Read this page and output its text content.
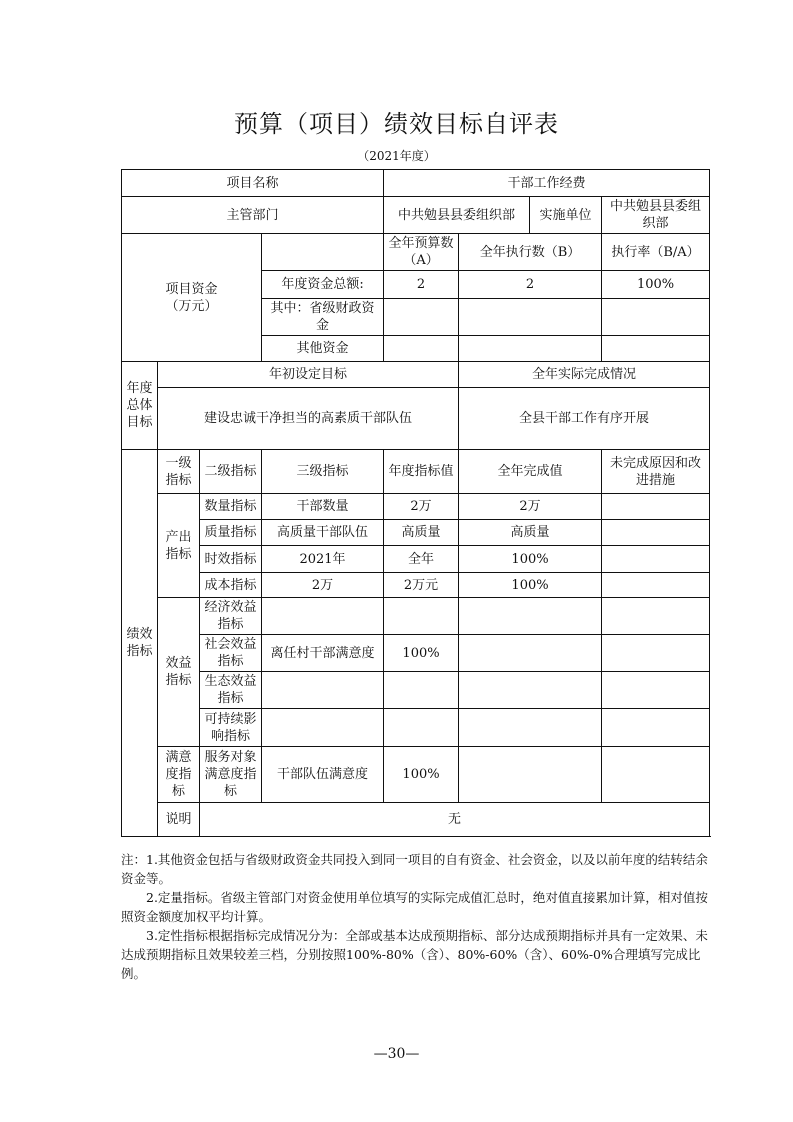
预算（项目）绩效目标自评表
（2021年度）
项目名称				干部工作经费			
主管部门				中共勉县县委组织部		实施单位	中共勉县县委组织部

项目资金
（万元）				全年预算数（A）	全年执行数（B）		执行率（B/A）
			年度资金总额:	2	2		100%
			其中：省级财政资金				
			其他资金				
年度总体目标	年初设定目标				全年实际完成情况		
	建设忠诚干净担当的高素质干部队伍				全县干部工作有序开展		
绩效指标	一级指标	二级指标	三级指标	年度指标值	全年完成值		未完成原因和改进措施
	产出指标	数量指标	干部数量	2万	2万		
		质量指标	高质量干部队伍	高质量	高质量		
		时效指标	2021年	全年	100%		
		成本指标	2万	2万元	100%		
	效益指标	经济效益指标					
		社会效益指标	离任村干部满意度	100%			
		生态效益指标					
		可持续影响指标					
	满意度指标	服务对象满意度指标	干部队伍满意度	100%			
	说明	无					

注：1.其他资金包括与省级财政资金共同投入到同一项目的自有资金、社会资金，以及以前年度的结转结余资金等。

2.定量指标。省级主管部门对资金使用单位填写的实际完成值汇总时，绝对值直接累加计算，相对值按照资金额度加权平均计算。

3.定性指标根据指标完成情况分为：全部或基本达成预期指标、部分达成预期指标并具有一定效果、未达成预期指标且效果较差三档，分别按照100%-80%（含）、80%-60%（含）、60%-0%合理填写完成比例。

—30—
